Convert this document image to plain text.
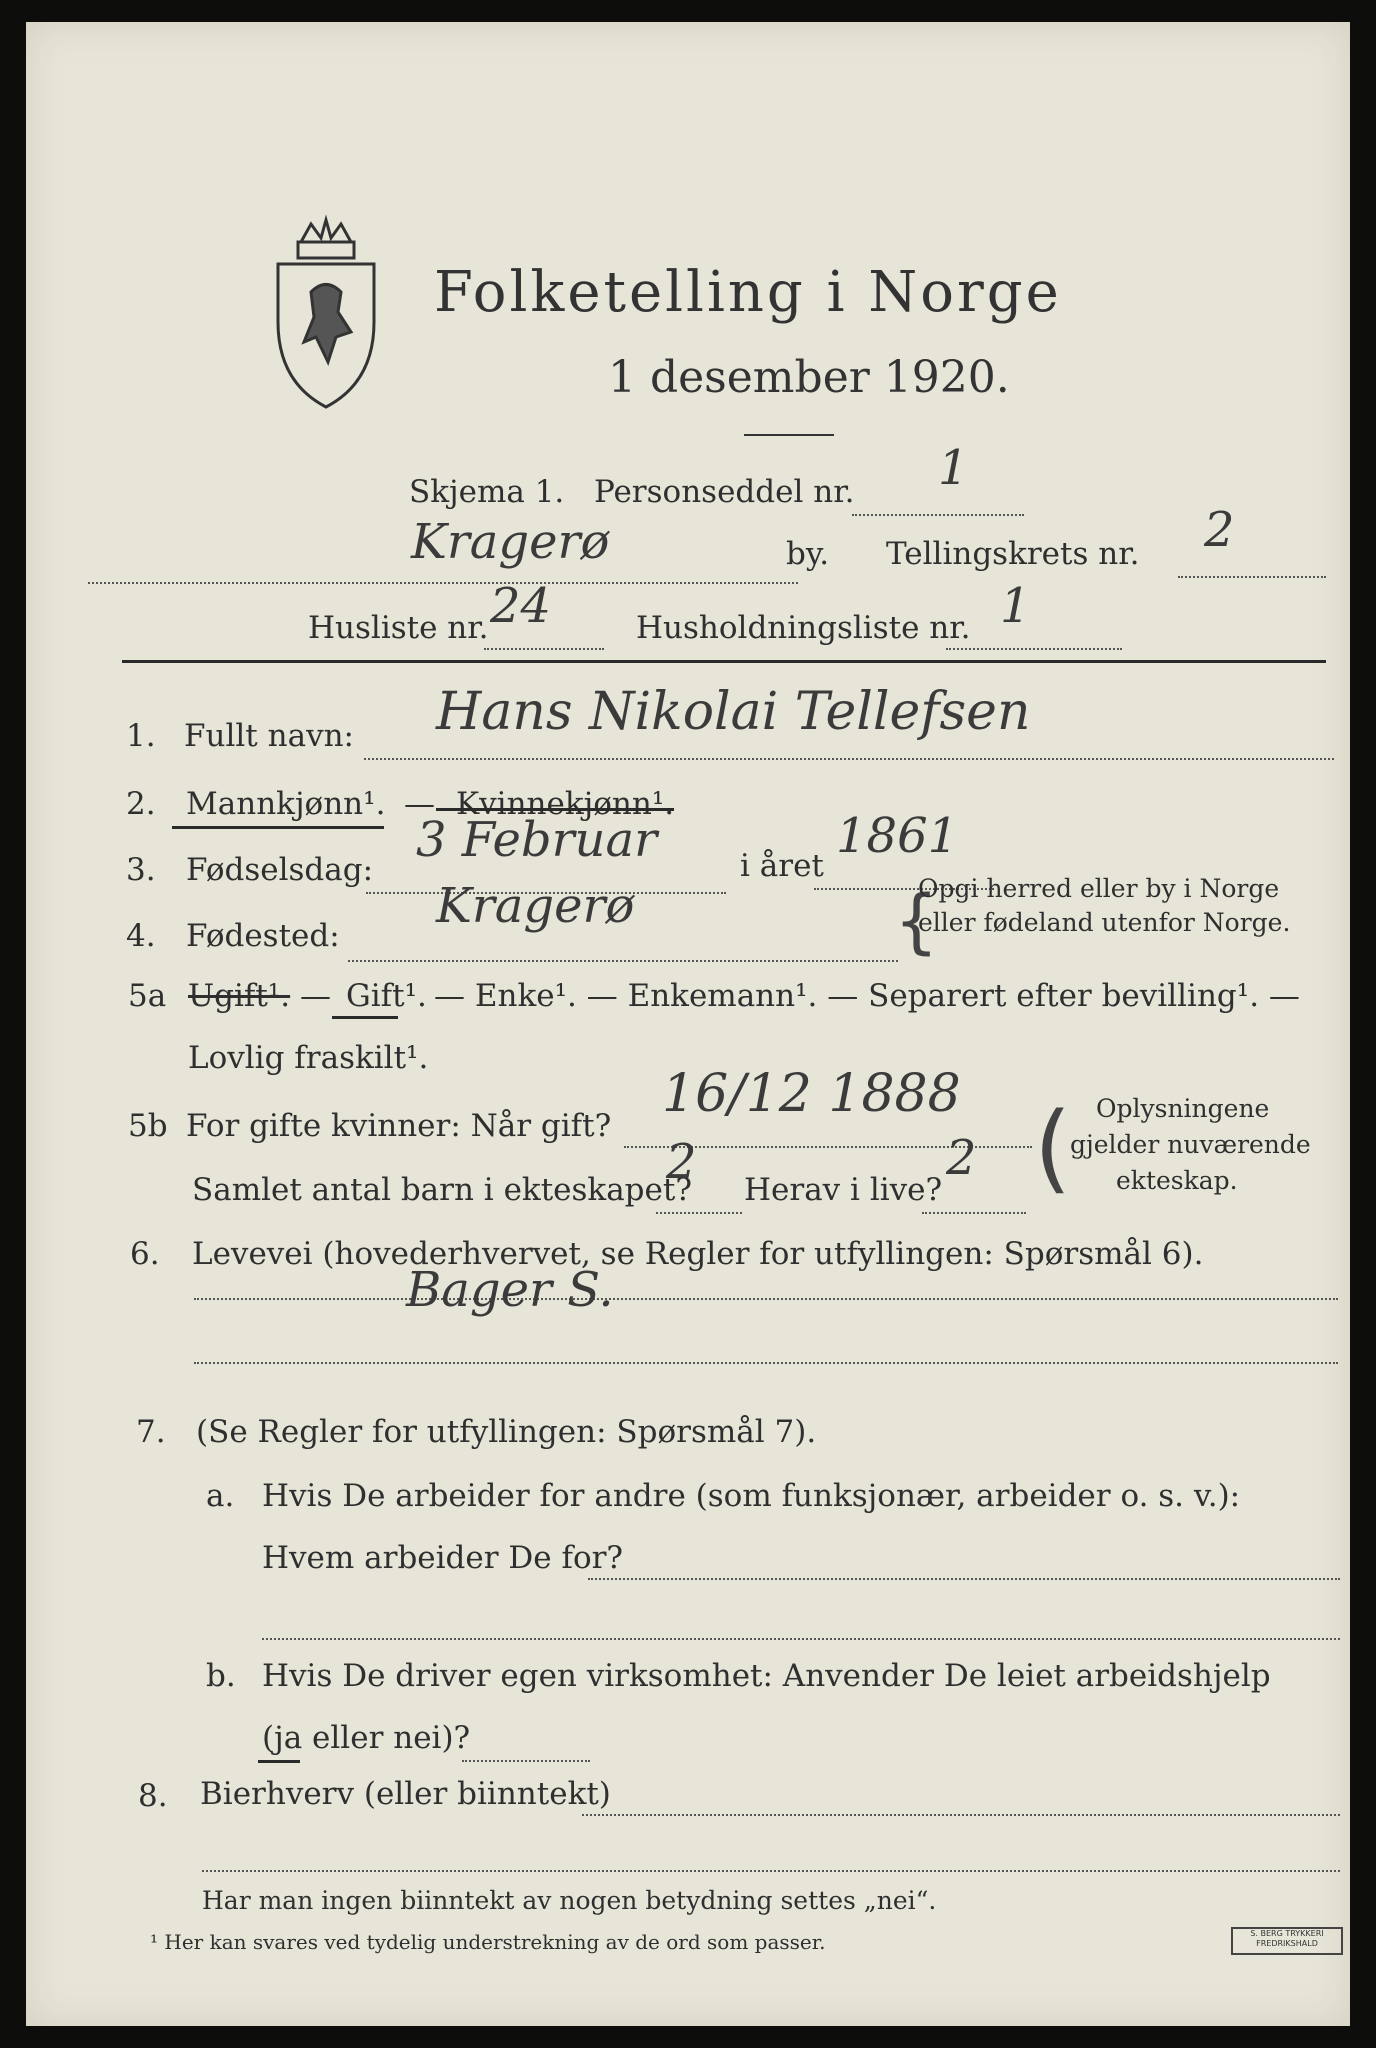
Folketelling i Norge
1 desember 1920.
Skjema 1. Personseddel nr. 1
Kragerø	by. Tellingskrets nr. 2
Husliste nr. 24	Husholdningsliste nr. 1
1. Fullt navn: Hans Nikolai Tellefsen
2. Mannkjønn¹. — Kvinnekjønn¹.
3. Fødselsdag:
3 Februar	i året
1861
4. Fødested:
Kragerø	{
Opgi herred eller by i Norge
eller fødeland utenfor Norge.
5a Ugift¹. — Gift¹. — Enke¹. — Enkemann¹. — Separert efter bevilling¹. —
Lovlig fraskilt¹.
5b For gifte kvinner: Når gift?
16/12 1888
Samlet antal barn i ekteskapet?
2 Herav i live?
2 ( Oplysningene
gjelder nuværende
ekteskap.
6. Levevei (hovederhvervet, se Regler for utfyllingen: Spørsmål 6).
Bager S.
7. (Se Regler for utfyllingen: Spørsmål 7).
a. Hvis De arbeider for andre (som funksjonær, arbeider o. s. v.):
Hvem arbeider De for?
b. Hvis De driver egen virksomhet: Anvender De leiet arbeidshjelp
(ja eller nei)?
8. Bierhverv (eller biinntekt)
Har man ingen biinntekt av nogen betydning settes „nei“.
¹ Her kan svares ved tydelig understrekning av de ord som passer.	S. BERG TRYKKERI FREDRIKSHALD
